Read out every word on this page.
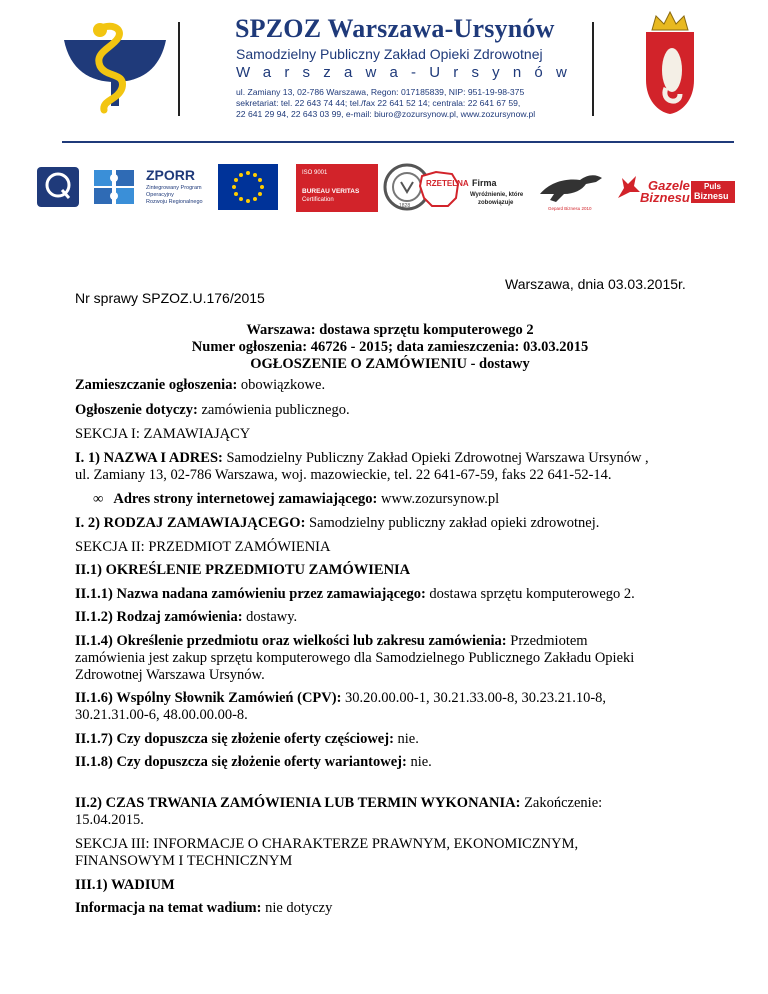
SPZOZ Warszawa-Ursynów
Samodzielny Publiczny Zakład Opieki Zdrowotnej
Warszawa-Ursynów
ul. Zamiany 13, 02-786 Warszawa, Regon: 017185839, NIP: 951-19-98-375
sekretariat: tel. 22 643 74 44; tel./fax 22 641 52 14; centrala: 22 641 67 59,
22 641 29 94, 22 643 03 99, e-mail: biuro@zozursynow.pl, www.zozursynow.pl
ZPORR
Zintegrowany Program
Operacyjny
Rozwoju Regionalnego
ISO 9001
BUREAU VERITAS
Certification
1828
RZETELNA Firma
Wyróżnienie, które
zobowiązuje
Gepard Biznesu 2010
Gazele
Biznesu
Puls
Biznesu
Warszawa, dnia 03.03.2015r.
Nr sprawy SPZOZ.U.176/2015
Warszawa: dostawa sprzętu komputerowego 2
Numer ogłoszenia: 46726 - 2015; data zamieszczenia: 03.03.2015
OGŁOSZENIE O ZAMÓWIENIU - dostawy
Zamieszczanie ogłoszenia: obowiązkowe.
Ogłoszenie dotyczy: zamówienia publicznego.
SEKCJA I: ZAMAWIAJĄCY
I. 1) NAZWA I ADRES: Samodzielny Publiczny Zakład Opieki Zdrowotnej Warszawa Ursynów ,
ul. Zamiany 13, 02-786 Warszawa, woj. mazowieckie, tel. 22 641-67-59, faks 22 641-52-14.
∞ Adres strony internetowej zamawiającego: www.zozursynow.pl
I. 2) RODZAJ ZAMAWIAJĄCEGO: Samodzielny publiczny zakład opieki zdrowotnej.
SEKCJA II: PRZEDMIOT ZAMÓWIENIA
II.1) OKREŚLENIE PRZEDMIOTU ZAMÓWIENIA
II.1.1) Nazwa nadana zamówieniu przez zamawiającego: dostawa sprzętu komputerowego 2.
II.1.2) Rodzaj zamówienia: dostawy.
II.1.4) Określenie przedmiotu oraz wielkości lub zakresu zamówienia: Przedmiotem
zamówienia jest zakup sprzętu komputerowego dla Samodzielnego Publicznego Zakładu Opieki
Zdrowotnej Warszawa Ursynów.
II.1.6) Wspólny Słownik Zamówień (CPV): 30.20.00.00-1, 30.21.33.00-8, 30.23.21.10-8,
30.21.31.00-6, 48.00.00.00-8.
II.1.7) Czy dopuszcza się złożenie oferty częściowej: nie.
II.1.8) Czy dopuszcza się złożenie oferty wariantowej: nie.
II.2) CZAS TRWANIA ZAMÓWIENIA LUB TERMIN WYKONANIA: Zakończenie:
15.04.2015.
SEKCJA III: INFORMACJE O CHARAKTERZE PRAWNYM, EKONOMICZNYM,
FINANSOWYM I TECHNICZNYM
III.1) WADIUM
Informacja na temat wadium: nie dotyczy
